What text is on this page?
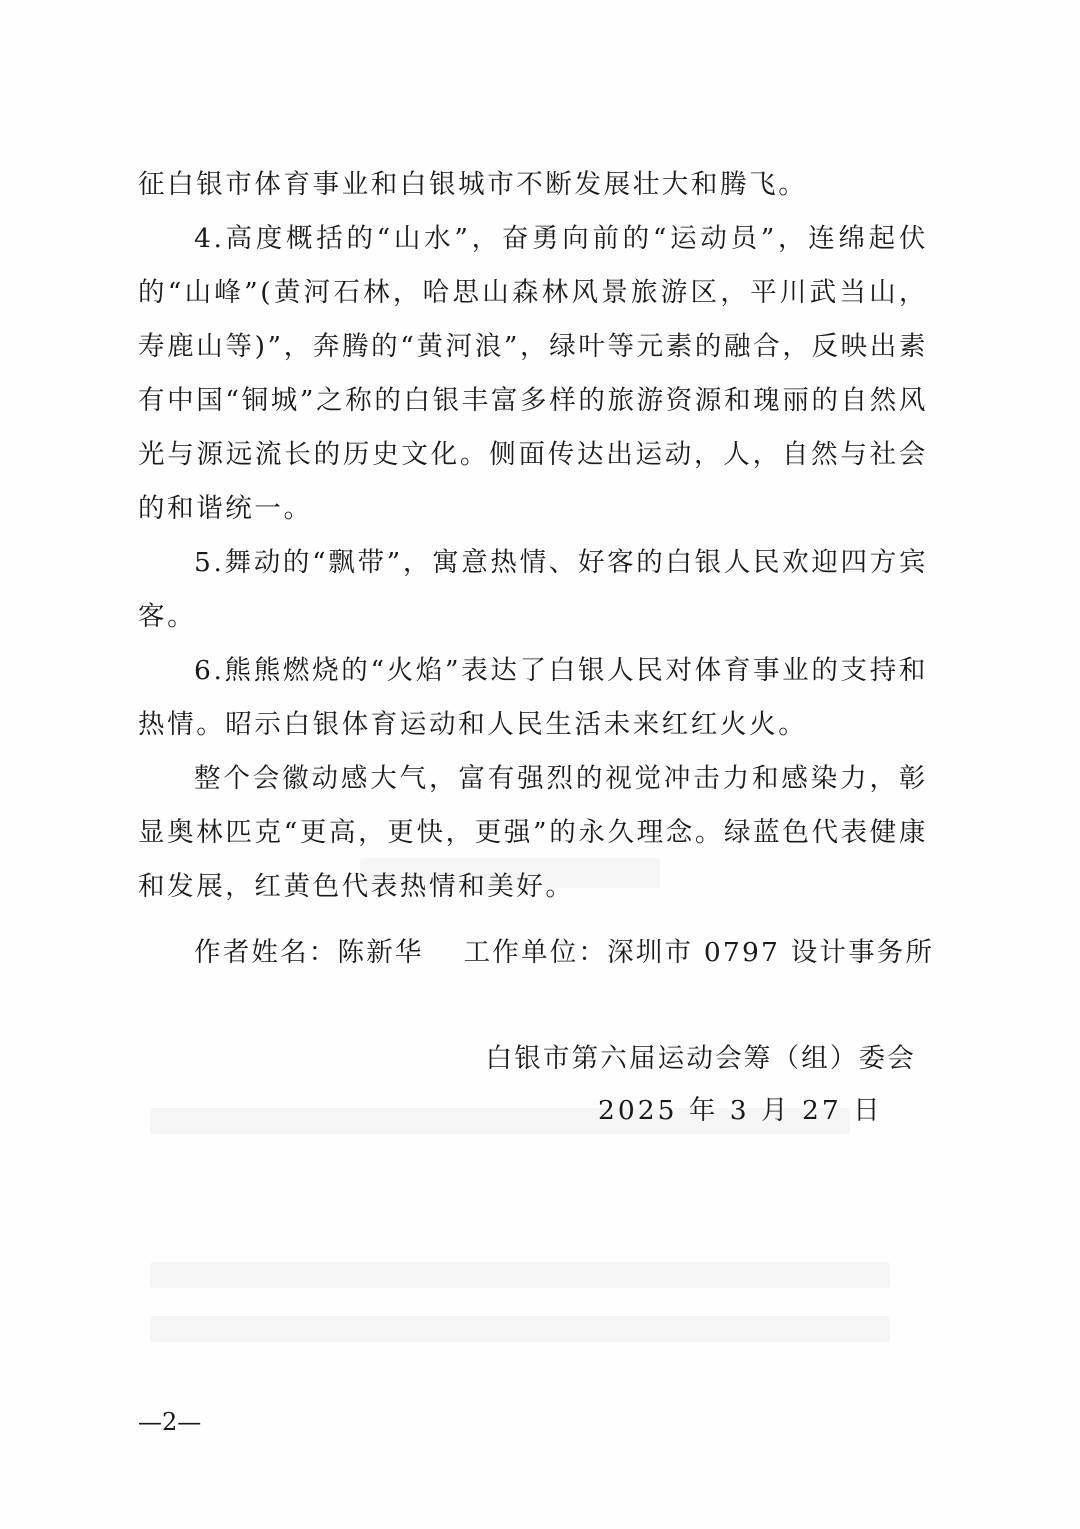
征白银市体育事业和白银城市不断发展壮大和腾飞。

4.高度概括的“山水”，奋勇向前的“运动员”，连绵起伏的“山峰”(黄河石林，哈思山森林风景旅游区，平川武当山，寿鹿山等)”，奔腾的“黄河浪”，绿叶等元素的融合，反映出素有中国“铜城”之称的白银丰富多样的旅游资源和瑰丽的自然风光与源远流长的历史文化。侧面传达出运动，人，自然与社会的和谐统一。

5.舞动的“飘带”，寓意热情、好客的白银人民欢迎四方宾客。

6.熊熊燃烧的“火焰”表达了白银人民对体育事业的支持和热情。昭示白银体育运动和人民生活未来红红火火。

整个会徽动感大气，富有强烈的视觉冲击力和感染力，彰显奥林匹克“更高，更快，更强”的永久理念。绿蓝色代表健康和发展，红黄色代表热情和美好。

作者姓名：陈新华 工作单位：深圳市 0797 设计事务所
白银市第六届运动会筹（组）委会
2025 年 3 月 27 日
—2—
